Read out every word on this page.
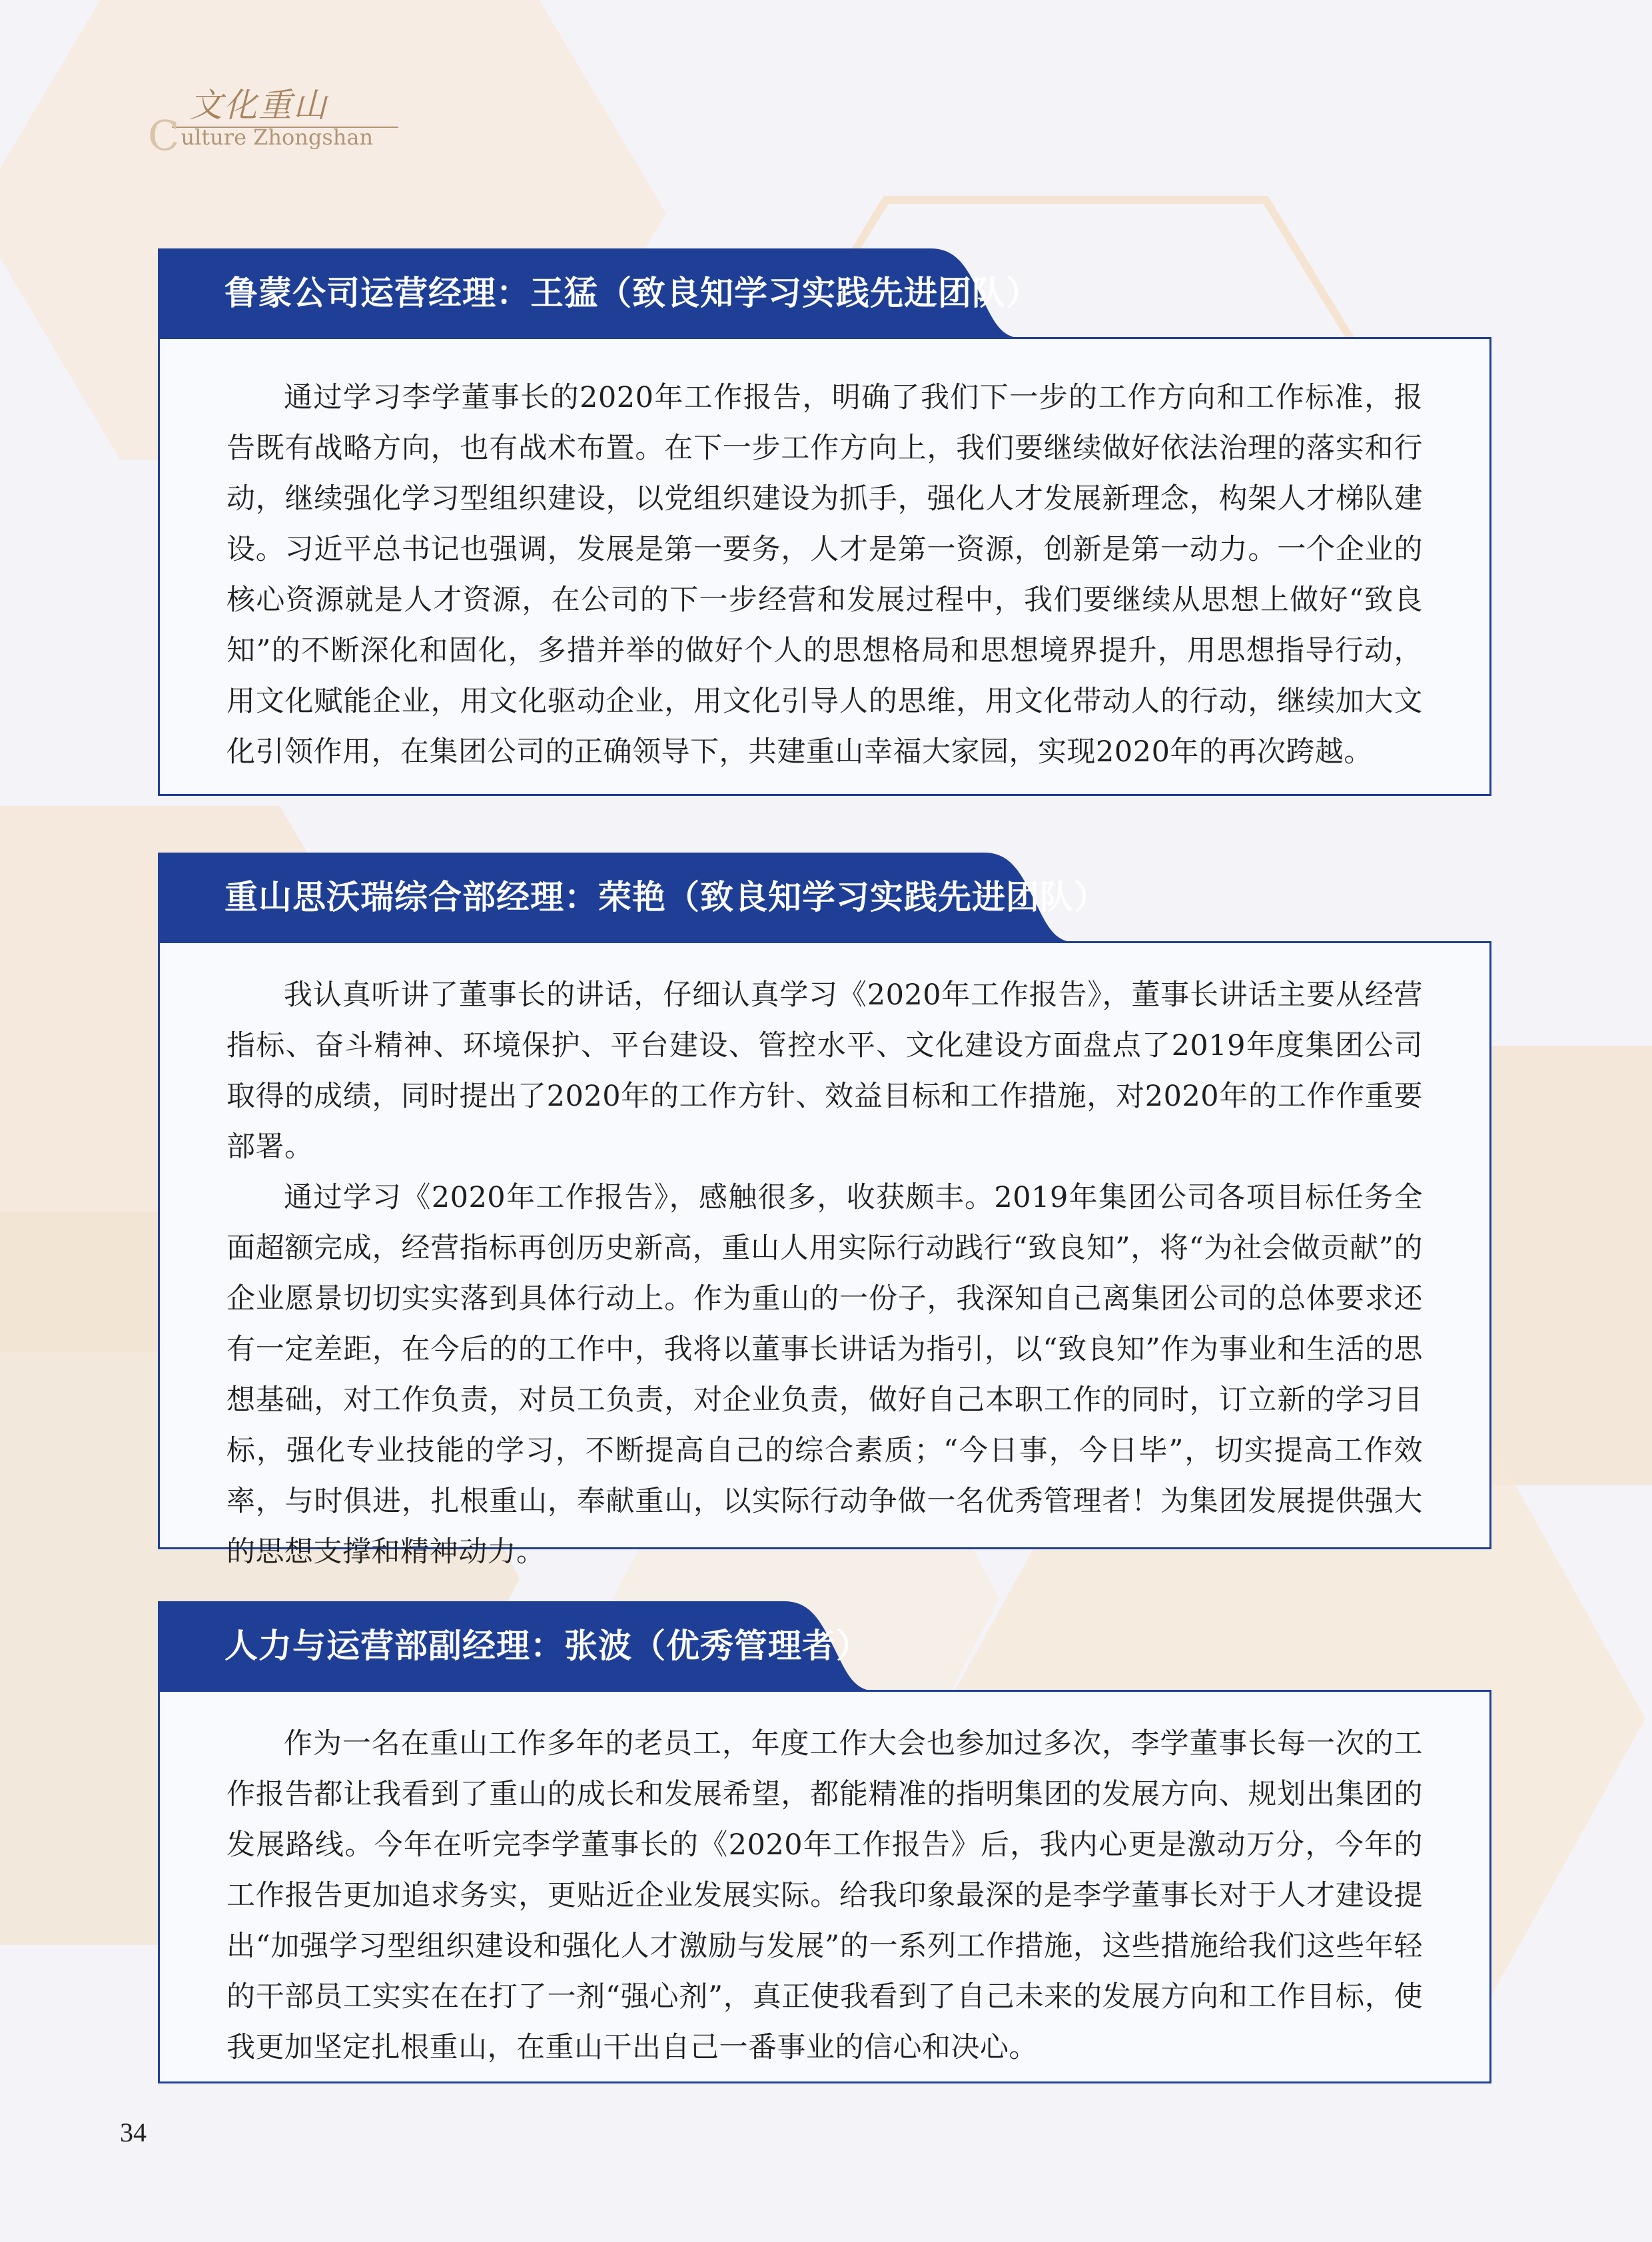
文化重山
Culture Zhongshan
鲁蒙公司运营经理：王猛（致良知学习实践先进团队）

通过学习李学董事长的2020年工作报告，明确了我们下一步的工作方向和工作标准，报告既有战略方向，也有战术布置。在下一步工作方向上，我们要继续做好依法治理的落实和行动，继续强化学习型组织建设，以党组织建设为抓手，强化人才发展新理念，构架人才梯队建设。习近平总书记也强调，发展是第一要务，人才是第一资源，创新是第一动力。一个企业的核心资源就是人才资源，在公司的下一步经营和发展过程中，我们要继续从思想上做好“致良知”的不断深化和固化，多措并举的做好个人的思想格局和思想境界提升，用思想指导行动，用文化赋能企业，用文化驱动企业，用文化引导人的思维，用文化带动人的行动，继续加大文化引领作用，在集团公司的正确领导下，共建重山幸福大家园，实现2020年的再次跨越。

重山思沃瑞综合部经理：荣艳（致良知学习实践先进团队）

我认真听讲了董事长的讲话，仔细认真学习《2020年工作报告》，董事长讲话主要从经营指标、奋斗精神、环境保护、平台建设、管控水平、文化建设方面盘点了2019年度集团公司取得的成绩，同时提出了2020年的工作方针、效益目标和工作措施，对2020年的工作作重要部署。

通过学习《2020年工作报告》，感触很多，收获颇丰。2019年集团公司各项目标任务全面超额完成，经营指标再创历史新高，重山人用实际行动践行“致良知”，将“为社会做贡献”的企业愿景切切实实落到具体行动上。作为重山的一份子，我深知自己离集团公司的总体要求还有一定差距，在今后的的工作中，我将以董事长讲话为指引，以“致良知”作为事业和生活的思想基础，对工作负责，对员工负责，对企业负责，做好自己本职工作的同时，订立新的学习目标，强化专业技能的学习，不断提高自己的综合素质；“今日事，今日毕”，切实提高工作效率，与时俱进，扎根重山，奉献重山，以实际行动争做一名优秀管理者！为集团发展提供强大的思想支撑和精神动力。

人力与运营部副经理：张波（优秀管理者）

作为一名在重山工作多年的老员工，年度工作大会也参加过多次，李学董事长每一次的工作报告都让我看到了重山的成长和发展希望，都能精准的指明集团的发展方向、规划出集团的发展路线。今年在听完李学董事长的《2020年工作报告》后，我内心更是激动万分，今年的工作报告更加追求务实，更贴近企业发展实际。给我印象最深的是李学董事长对于人才建设提出“加强学习型组织建设和强化人才激励与发展”的一系列工作措施，这些措施给我们这些年轻的干部员工实实在在打了一剂“强心剂”，真正使我看到了自己未来的发展方向和工作目标，使我更加坚定扎根重山，在重山干出自己一番事业的信心和决心。

34
